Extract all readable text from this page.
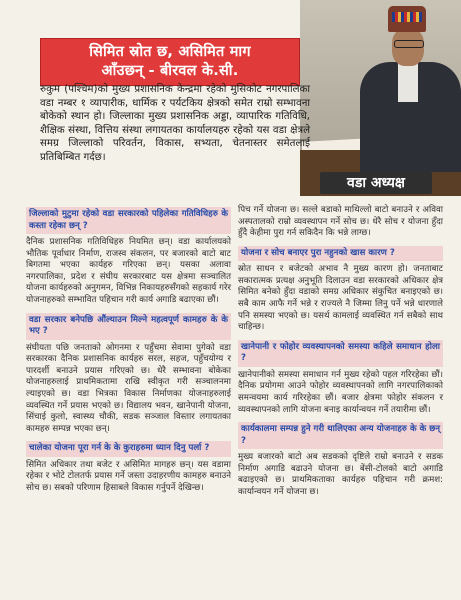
वडा अध्यक्ष
सिमित स्रोत छ, असिमित माग
आँउछन् - बीरवल के.सी.
रुकुम (पश्चिम)को मुख्य प्रशासनिक केन्द्रमा रहेको मुसिकोट नगरपालिका वडा नम्बर १ व्यापारीक, धार्मिक र पर्यटकिय क्षेत्रको समेत राम्रो सम्भावना बोकेको स्थान हो। जिल्लाका मुख्य प्रशासनिक अड्डा, व्यापारिक गतिविधि, शैक्षिक संस्था, वित्तिय संस्था लगायतका कार्यालयहरु रहेको यस वडा क्षेत्रले समग्र जिल्लाको परिवर्तन, विकास, सभ्यता, चेतनास्तर समेतलाई प्रतिबिम्बित गर्दछ।
जिल्लाको मुटुमा रहेको वडा सरकारको पहिलेका गतिविधिहरु के कस्ता रहेका छन् ?
दैनिक प्रशासनिक गतिविधिहरु नियमित छन्। वडा कार्यालयको भौतिक पूर्वाधार निर्माण, राजस्व संकलन, पर बजारको बाटो बाट बिगतमा भएका कार्यहरु गरिएका छन्। यसका अलावा नगरपालिका, प्रदेश र संघीय सरकारबाट यस क्षेत्रमा सञ्चालित योजना कार्यहरुको अनुगमन, विभिन्न निकायहरुसँगको सहकार्य गरेर योजनाहरुको सम्भावित पहिचान गरी कार्य अगाडि बढाएका छौं।
वडा सरकार बनेपछि औंल्याउन मिल्ने महत्वपूर्ण कामहरु के के भए ?
संघीयता पछि जनताको ओगनमा र पहुँचमा सेवामा पुगेको वडा सरकारका दैनिक प्रशासनिक कार्यहरु सरल, सहज, पहुँचयोग्य र पारदर्शी बनाउने प्रयास गरिएको छ। धेरै सम्भावना बोकेका योजनाहरुलाई प्राथमिकतामा राखि स्वीकृत गरी सञ्चालनमा ल्याइएको छ। वडा भित्रका विकास निर्माणका योजनाहरुलाई व्यवस्थित गर्ने प्रयास भएको छ। विद्यालय भवन, खानेपानी योजना, सिंचाई कुलो, स्वास्थ्य चौकी, सडक सञ्जाल विस्तार लगायतका कामहरु सम्पन्न भएका छन्।
चालेका योजना पूरा गर्न के के कुराहरुमा ध्यान दिनु पर्ला ?
सिमित अधिकार तथा बजेट र असिमित मागहरु छन्। यस वडामा रहेका र भोटे टोलतर्फ प्रयास गर्ने जस्ता उदाहरणीय कामहरु बनाउने सोच छ। सबको परिणाम हिसाबले विकास गर्नुपर्ने देखिन्छ।
पिच गर्ने योजना छ। सल्ले बडाको माथिल्लो बाटो बनाउने र अविवा अस्पतालको राम्रो व्यवस्थापन गर्ने सोच छ। धेरै सोच र योजना हुँदा हुँदै केहीमा पुरा गर्न सकिदैन कि भन्ने लाग्छ।
योजना र सोच बनाएर पुरा नहुनको खास कारण ?
स्रोत साधन र बजेटको अभाव नै मुख्य कारण हो। जनताबाट सकारात्मक प्रत्यक्ष अनुभूति दिलाउन वडा सरकारको अधिकार क्षेत्र सिमित बनेको हुँदा वडाको समग्र अधिकार संकुचित बनाइएको छ। सबै काम आफै गर्ने भन्ने र राज्यले नै जिम्मा लिनु पर्ने भन्ने धारणाले पनि समस्या भएको छ। यसर्थ कामलाई व्यवस्थित गर्न सबैको साथ चाहिन्छ।
खानेपानी र फोहोर व्यवस्थापनको समस्या कहिले समाधान होला ?
खानेपानीको समस्या समाधान गर्न मुख्य रहेको पहल गरिरहेका छौं। दैनिक प्रयोगमा आउने फोहोर व्यवस्थापनको लागि नगरपालिकाको समन्वयमा कार्य गरिरहेका छौं। बजार क्षेत्रमा फोहोर संकलन र व्यवस्थापनको लागि योजना बनाइ कार्यान्वयन गर्ने तयारीमा छौं।
कार्यकालमा सम्पन्न हुने गरी थालिएका अन्य योजनाहरु के के छन् ?
मुख्य बजारको बाटो अब सडकको दृष्टिले राम्रो बनाउने र सडक निर्माण अगाडि बढाउने योजना छ। बेंसी-टोलको बाटो अगाडि बढाइएको छ। प्राथमिकताका कार्यहरु पहिचान गरी क्रमश: कार्यान्वयन गर्ने योजना छ।
